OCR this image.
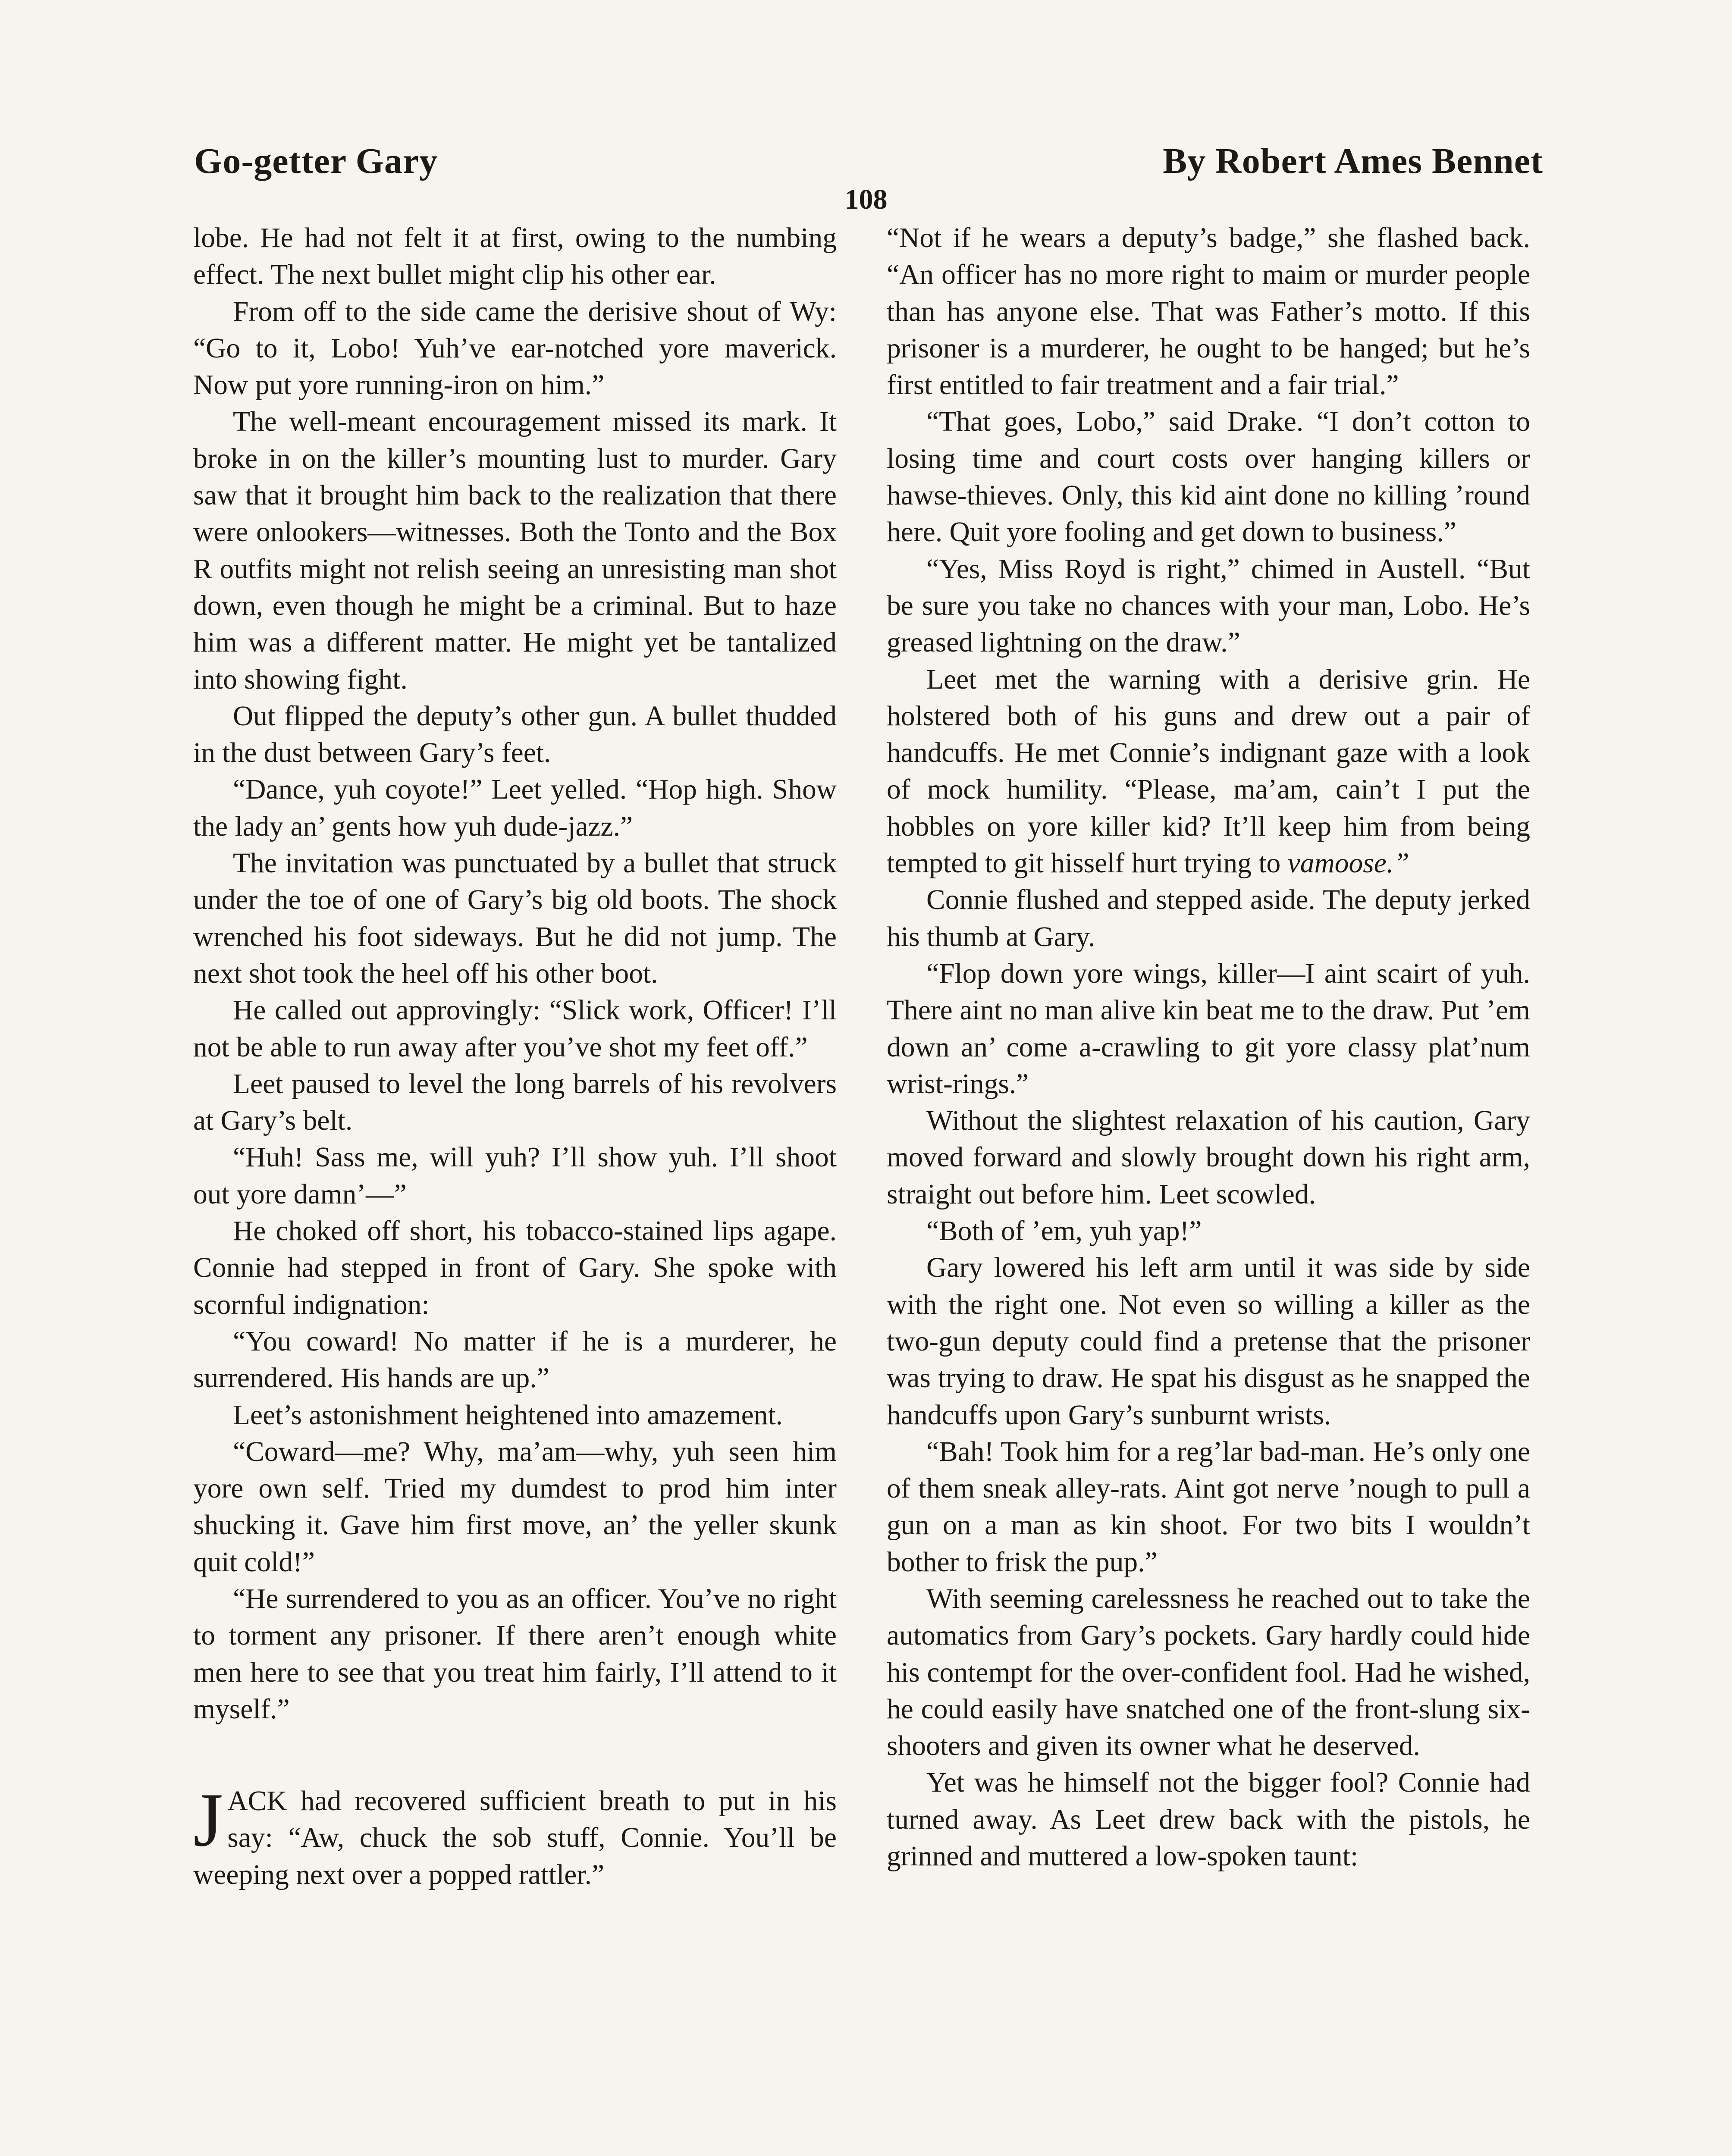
Go-getter Gary	By Robert Ames Bennet
108

lobe. He had not felt it at first, owing to the numbing effect. The next bullet might clip his other ear.

From off to the side came the derisive shout of Wy: “Go to it, Lobo! Yuh’ve ear-notched yore maverick. Now put yore running-iron on him.”

The well-meant encouragement missed its mark. It broke in on the killer’s mounting lust to murder. Gary saw that it brought him back to the realization that there were onlookers—witnesses. Both the Tonto and the Box R outfits might not relish seeing an unresisting man shot down, even though he might be a criminal. But to haze him was a different matter. He might yet be tantalized into showing fight.

Out flipped the deputy’s other gun. A bullet thudded in the dust between Gary’s feet.

“Dance, yuh coyote!” Leet yelled. “Hop high. Show the lady an’ gents how yuh dude-jazz.”

The invitation was punctuated by a bullet that struck under the toe of one of Gary’s big old boots. The shock wrenched his foot sideways. But he did not jump. The next shot took the heel off his other boot.

He called out approvingly: “Slick work, Officer! I’ll not be able to run away after you’ve shot my feet off.”

Leet paused to level the long barrels of his revolvers at Gary’s belt.

“Huh! Sass me, will yuh? I’ll show yuh. I’ll shoot out yore damn’—”

He choked off short, his tobacco-stained lips agape. Connie had stepped in front of Gary. She spoke with scornful indignation:

“You coward! No matter if he is a murderer, he surrendered. His hands are up.”

Leet’s astonishment heightened into amazement.

“Coward—me? Why, ma’am—why, yuh seen him yore own self. Tried my dumdest to prod him inter shucking it. Gave him first move, an’ the yeller skunk quit cold!”

“He surrendered to you as an officer. You’ve no right to torment any prisoner. If there aren’t enough white men here to see that you treat him fairly, I’ll attend to it myself.”

JACK had recovered sufficient breath to put in his say: “Aw, chuck the sob stuff, Connie. You’ll be weeping next over a popped rattler.”

“Not if he wears a deputy’s badge,” she flashed back. “An officer has no more right to maim or murder people than has anyone else. That was Father’s motto. If this prisoner is a murderer, he ought to be hanged; but he’s first entitled to fair treatment and a fair trial.”

“That goes, Lobo,” said Drake. “I don’t cotton to losing time and court costs over hanging killers or hawse-thieves. Only, this kid aint done no killing ’round here. Quit yore fooling and get down to business.”

“Yes, Miss Royd is right,” chimed in Austell. “But be sure you take no chances with your man, Lobo. He’s greased lightning on the draw.”

Leet met the warning with a derisive grin. He holstered both of his guns and drew out a pair of handcuffs. He met Connie’s indignant gaze with a look of mock humility. “Please, ma’am, cain’t I put the hobbles on yore killer kid? It’ll keep him from being tempted to git hisself hurt trying to vamoose.”

Connie flushed and stepped aside. The deputy jerked his thumb at Gary.

“Flop down yore wings, killer—I aint scairt of yuh. There aint no man alive kin beat me to the draw. Put ’em down an’ come a-crawling to git yore classy plat’num wrist-rings.”

Without the slightest relaxation of his caution, Gary moved forward and slowly brought down his right arm, straight out before him. Leet scowled.

“Both of ’em, yuh yap!”

Gary lowered his left arm until it was side by side with the right one. Not even so willing a killer as the two-gun deputy could find a pretense that the prisoner was trying to draw. He spat his disgust as he snapped the handcuffs upon Gary’s sunburnt wrists.

“Bah! Took him for a reg’lar bad-man. He’s only one of them sneak alley-rats. Aint got nerve ’nough to pull a gun on a man as kin shoot. For two bits I wouldn’t bother to frisk the pup.”

With seeming carelessness he reached out to take the automatics from Gary’s pockets. Gary hardly could hide his contempt for the over-confident fool. Had he wished, he could easily have snatched one of the front-slung six-shooters and given its owner what he deserved.

Yet was he himself not the bigger fool? Connie had turned away. As Leet drew back with the pistols, he grinned and muttered a low-spoken taunt:
